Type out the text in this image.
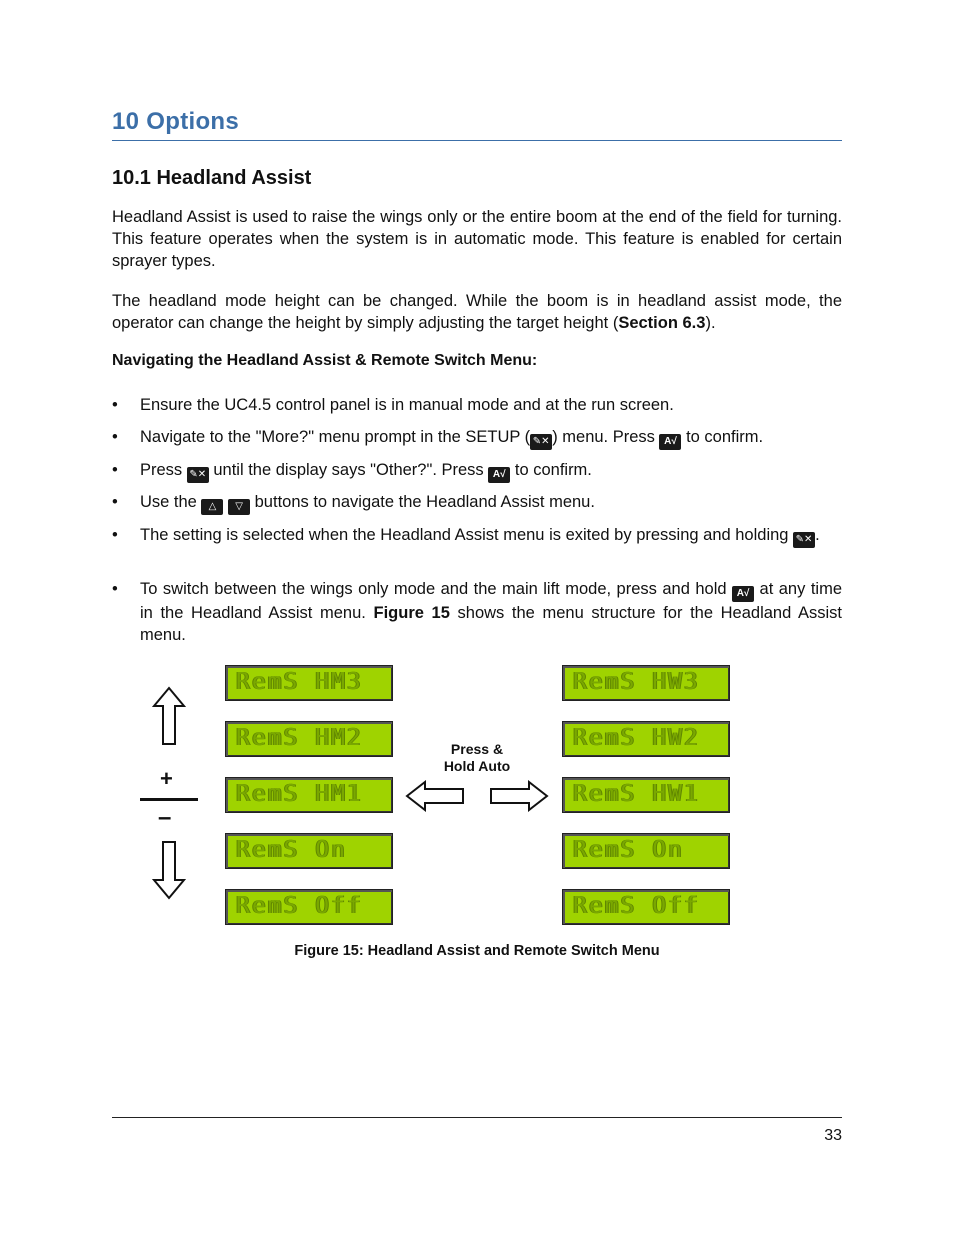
10 Options
10.1 Headland Assist
Headland Assist is used to raise the wings only or the entire boom at the end of the field for turning. This feature operates when the system is in automatic mode. This feature is enabled for certain sprayer types.
The headland mode height can be changed. While the boom is in headland assist mode, the operator can change the height by simply adjusting the target height (Section 6.3).
Navigating the Headland Assist & Remote Switch Menu:
•	Ensure the UC4.5 control panel is in manual mode and at the run screen.
•	Navigate to the "More?" menu prompt in the SETUP ( ✎✕ ) menu. Press A√ to confirm.
•	Press ✎✕ until the display says "Other?". Press A√ to confirm.
•	Use the △ ▽ buttons to navigate the Headland Assist menu.
•	The setting is selected when the Headland Assist menu is exited by pressing and holding ✎✕ .
•	To switch between the wings only mode and the main lift mode, press and hold A√ at any time in the Headland Assist menu. Figure 15 shows the menu structure for the Headland Assist menu.
+
–
RemS HM3
RemS HM2
RemS HM1
RemS On
RemS Off
Press &
Hold Auto
RemS HW3
RemS HW2
RemS HW1
RemS On
RemS Off
Figure 15: Headland Assist and Remote Switch Menu
33
